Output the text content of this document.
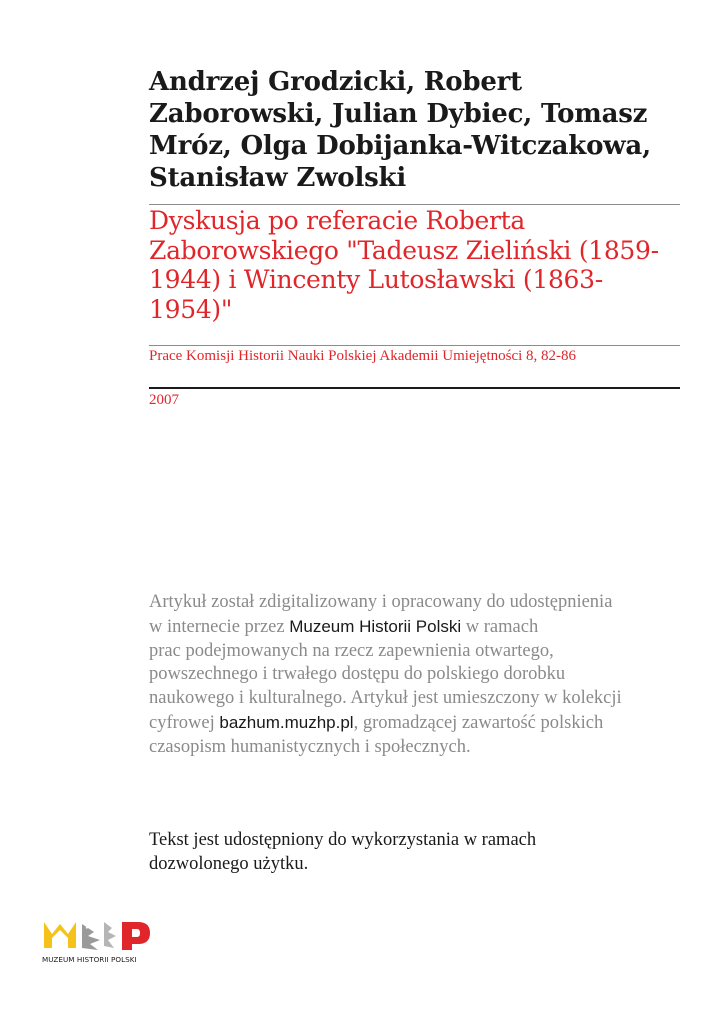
Andrzej Grodzicki, Robert Zaborowski, Julian Dybiec, Tomasz Mróz, Olga Dobijanka-Witczakowa, Stanisław Zwolski
Dyskusja po referacie Roberta Zaborowskiego "Tadeusz Zieliński (1859-1944) i Wincenty Lutosławski (1863-1954)"
Prace Komisji Historii Nauki Polskiej Akademii Umiejętności 8, 82-86
2007
Artykuł został zdigitalizowany i opracowany do udostępnienia
w internecie przez Muzeum Historii Polski w ramach
prac podejmowanych na rzecz zapewnienia otwartego,
powszechnego i trwałego dostępu do polskiego dorobku
naukowego i kulturalnego. Artykuł jest umieszczony w kolekcji
cyfrowej bazhum.muzhp.pl, gromadzącej zawartość polskich
czasopism humanistycznych i społecznych.
Tekst jest udostępniony do wykorzystania w ramach
dozwolonego użytku.
MUZEUM HISTORII POLSKI
